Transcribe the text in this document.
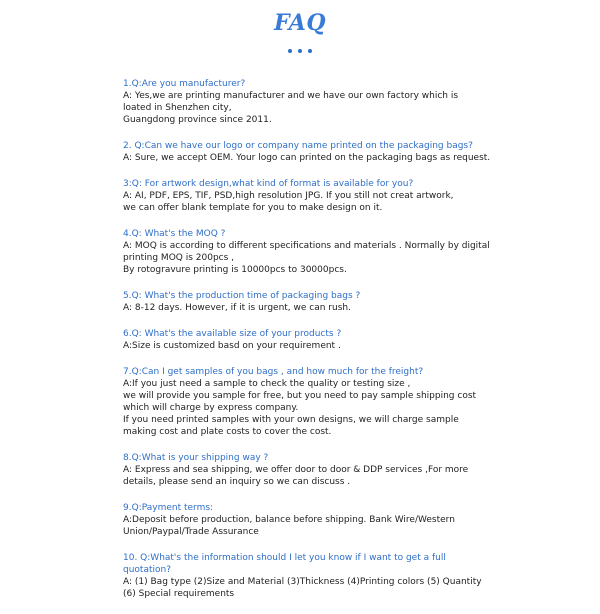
FAQ
1.Q:Are you manufacturer?
A: Yes,we are printing manufacturer and we have our own factory which is
loated in Shenzhen city,
Guangdong province since 2011.
2. Q:Can we have our logo or company name printed on the packaging bags?
A: Sure, we accept OEM. Your logo can printed on the packaging bags as request.
3:Q: For artwork design,what kind of format is available for you?
A: AI, PDF, EPS, TIF, PSD,high resolution JPG. If you still not creat artwork,
we can offer blank template for you to make design on it.
4.Q: What's the MOQ ?
A: MOQ is according to different specifications and materials . Normally by digital
printing MOQ is 200pcs ,
By rotogravure printing is 10000pcs to 30000pcs.
5.Q: What's the production time of packaging bags ?
A: 8-12 days. However, if it is urgent, we can rush.
6.Q: What's the available size of your products ?
A:Size is customized basd on your requirement .
7.Q:Can I get samples of you bags , and how much for the freight?
A:If you just need a sample to check the quality or testing size ,
we will provide you sample for free, but you need to pay sample shipping cost
which will charge by express company.
If you need printed samples with your own designs, we will charge sample
making cost and plate costs to cover the cost.
8.Q:What is your shipping way ?
A: Express and sea shipping, we offer door to door & DDP services ,For more
details, please send an inquiry so we can discuss .
9.Q:Payment terms:
A:Deposit before production, balance before shipping. Bank Wire/Western
Union/Paypal/Trade Assurance
10. Q:What's the information should I let you know if I want to get a full
quotation?
A: (1) Bag type (2)Size and Material (3)Thickness (4)Printing colors (5) Quantity
(6) Special requirements
